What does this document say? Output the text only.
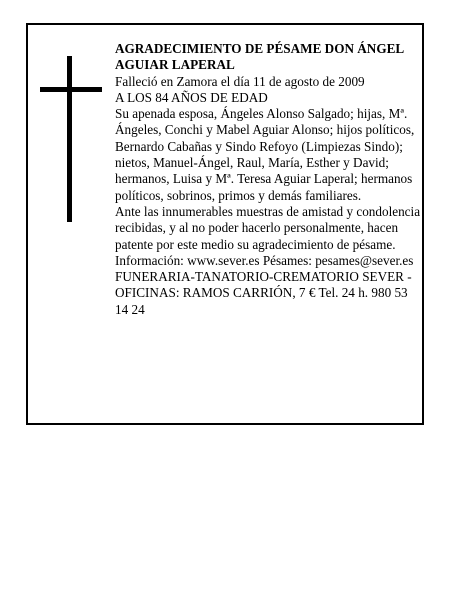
AGRADECIMIENTO DE PÉSAME DON ÁNGEL AGUIAR LAPERAL

Falleció en Zamora el día 11 de agosto de 2009

A LOS 84 AÑOS DE EDAD

Su apenada esposa, Ángeles Alonso Salgado; hijas, Mª. Ángeles, Conchi y Mabel Aguiar Alonso; hijos políticos, Bernardo Cabañas y Sindo Refoyo (Limpiezas Sindo); nietos, Manuel-Ángel, Raul, María, Esther y David; hermanos, Luisa y Mª. Teresa Aguiar Laperal; hermanos políticos, sobrinos, primos y demás familiares.

Ante las innumerables muestras de amistad y condolencia recibidas, y al no poder hacerlo personalmente, hacen patente por este medio su agradecimiento de pésame.

Información: www.sever.es Pésames: pesames@sever.es

FUNERARIA-TANATORIO-CREMATORIO SEVER - OFICINAS: RAMOS CARRIÓN, 7 € Tel. 24 h. 980 53 14 24
